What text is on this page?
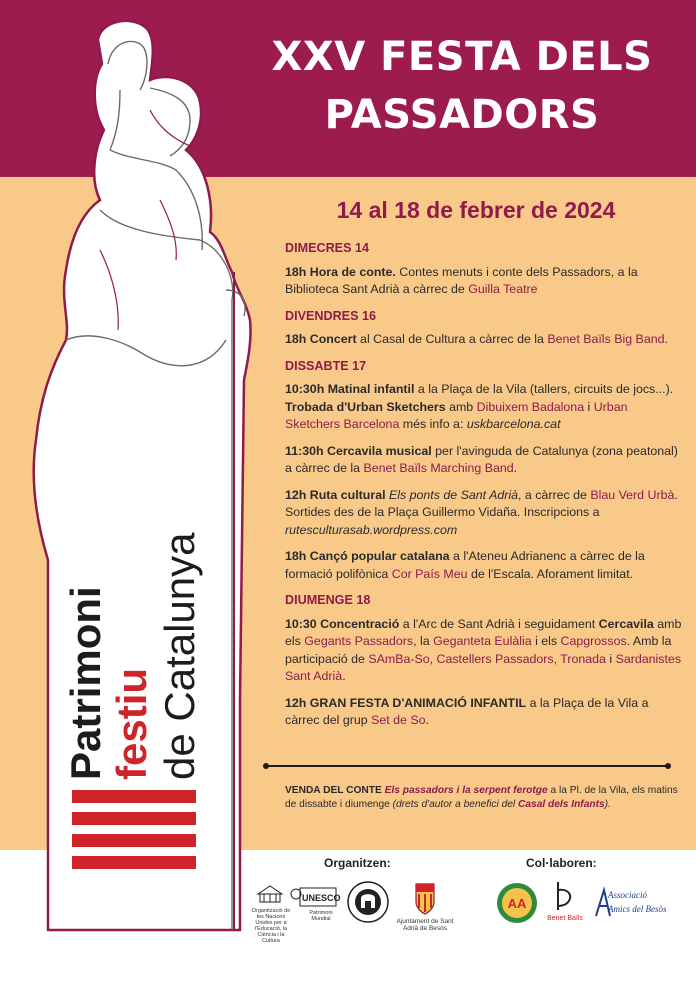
Patrimoni festiu de Catalunya
XXV FESTA DELS
PASSADORS
14 al 18 de febrer de 2024
DIMECRES 14
18h Hora de conte. Contes menuts i conte dels Passadors, a la Biblioteca Sant Adrià a càrrec de Guilla Teatre
DIVENDRES 16
18h Concert al Casal de Cultura a càrrec de la Benet Baïls Big Band.
DISSABTE 17
10:30h Matinal infantil a la Plaça de la Vila (tallers, circuits de jocs...). Trobada d'Urban Sketchers amb Dibuixem Badalona i Urban Sketchers Barcelona més info a: uskbarcelona.cat
11:30h Cercavila musical per l'avinguda de Catalunya (zona peatonal) a càrrec de la Benet Baïls Marching Band.
12h Ruta cultural Els ponts de Sant Adrià, a càrrec de Blau Verd Urbà. Sortides des de la Plaça Guillermo Vidaña. Inscripcions a rutesculturasab.wordpress.com
18h Cançó popular catalana a l'Ateneu Adrianenc a càrrec de la formació polifònica Cor País Meu de l'Escala. Aforament limitat.
DIUMENGE 18
10:30 Concentració a l'Arc de Sant Adrià i seguidament Cercavila amb els Gegants Passadors, la Geganteta Eulàlia i els Capgrossos. Amb la participació de SAmBa-So, Castellers Passadors, Tronada i Sardanistes Sant Adrià.
12h GRAN FESTA D'ANIMACIÓ INFANTIL a la Plaça de la Vila a càrrec del grup Set de So.
VENDA DEL CONTE Els passadors i la serpent ferotge a la Pl. de la Vila, els matins de dissabte i diumenge (drets d'autor a benefici del Casal dels Infants).
Organitzen:	Col·laboren:
UNESCO
Organització de les Nacions Unides per a l'Educació, la Ciència i la Cultura
Patrimoni Mundial	Ajuntament de Sant Adrià de Besòs
AA
Benet Baïls
Associació
Amics del Besòs
